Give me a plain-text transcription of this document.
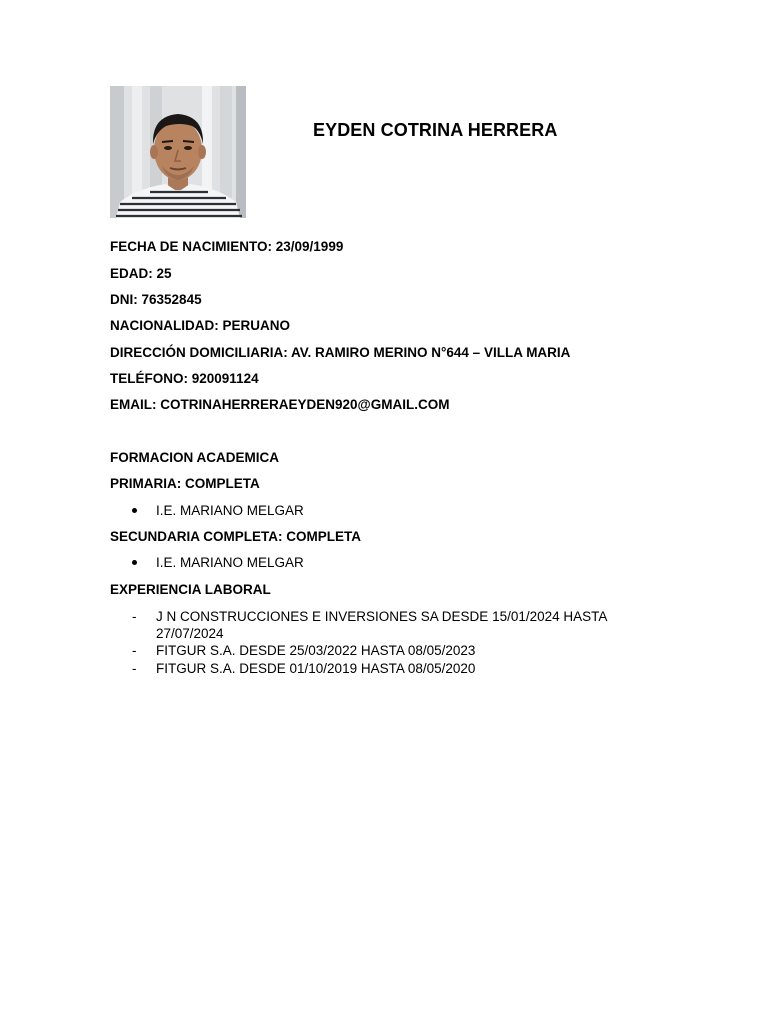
EYDEN COTRINA HERRERA
FECHA DE NACIMIENTO: 23/09/1999
EDAD: 25
DNI: 76352845
NACIONALIDAD: PERUANO
DIRECCIÓN DOMICILIARIA: AV. RAMIRO MERINO N°644 – VILLA MARIA
TELÉFONO: 920091124
EMAIL: COTRINAHERRERAEYDEN920@GMAIL.COM
FORMACION ACADEMICA
PRIMARIA: COMPLETA
I.E. MARIANO MELGAR
SECUNDARIA COMPLETA: COMPLETA
I.E. MARIANO MELGAR
EXPERIENCIA LABORAL
- J N CONSTRUCCIONES E INVERSIONES SA DESDE 15/01/2024 HASTA 27/07/2024
- FITGUR S.A. DESDE 25/03/2022 HASTA 08/05/2023
- FITGUR S.A. DESDE 01/10/2019 HASTA 08/05/2020
